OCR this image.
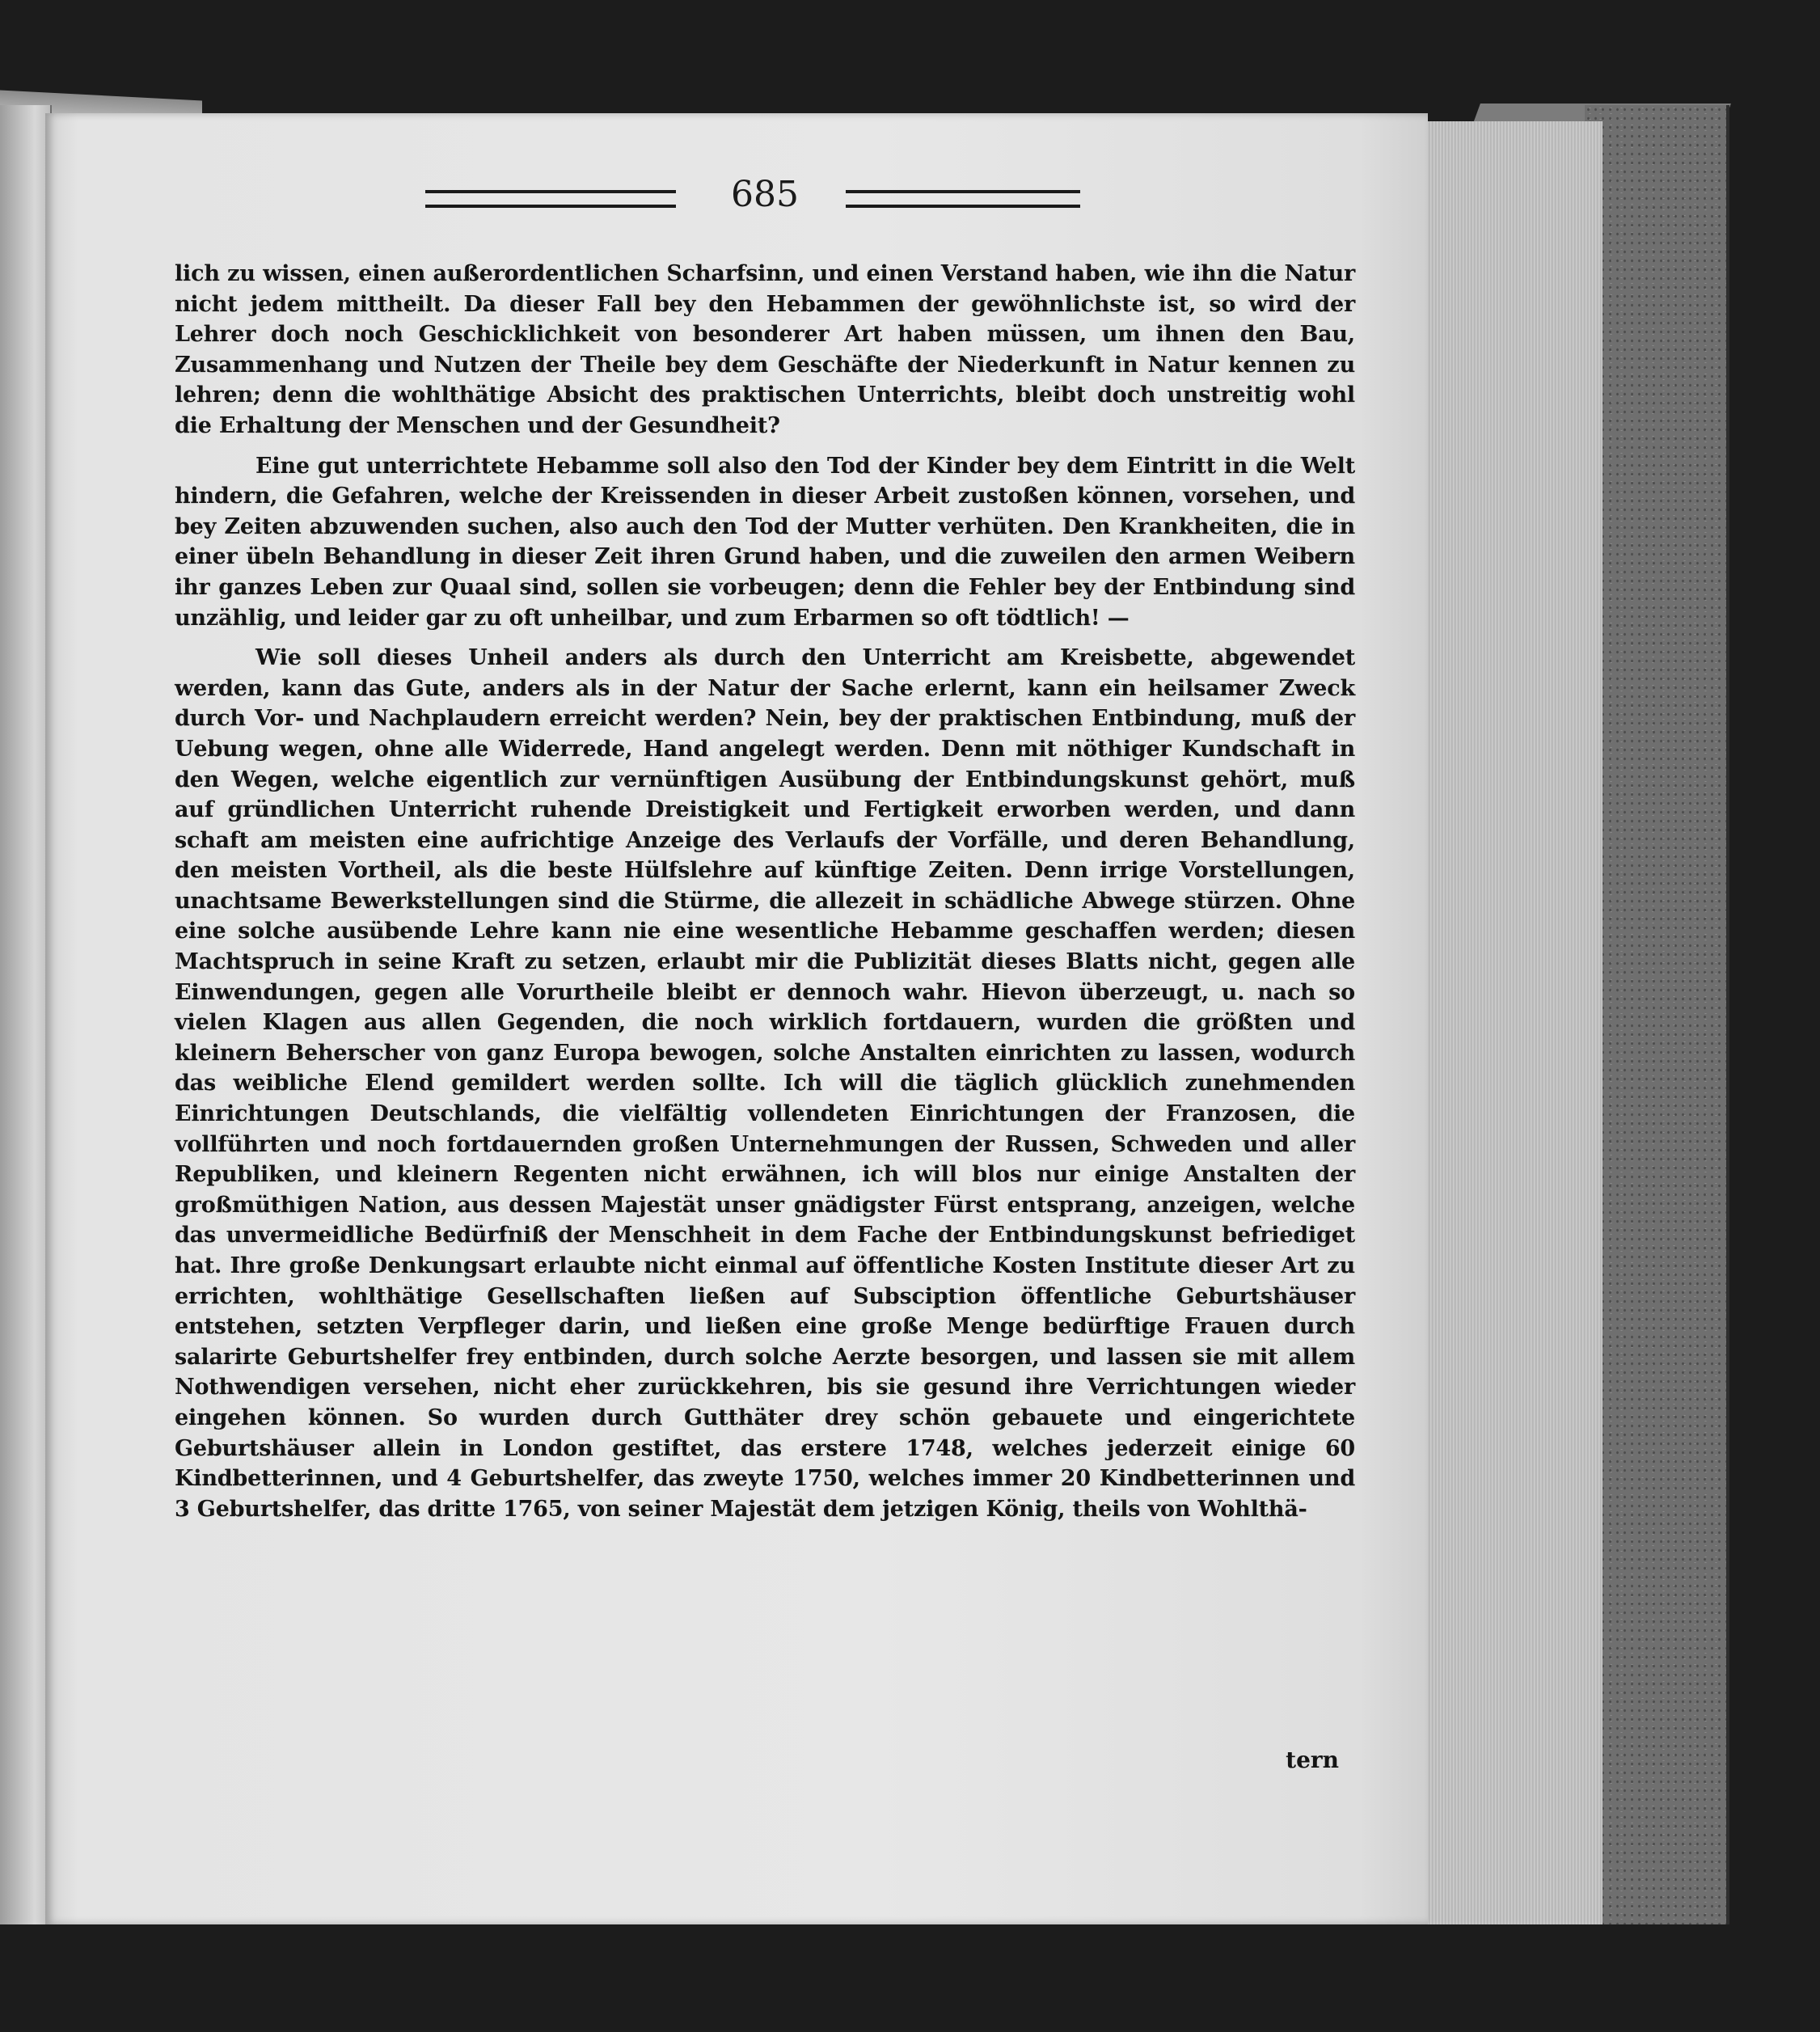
685

lich zu wissen, einen außerordentlichen Scharfsinn, und einen Verstand haben, wie ihn die Natur nicht jedem mittheilt. Da dieser Fall bey den Hebammen der gewöhnlichste ist, so wird der Lehrer doch noch Geschicklichkeit von besonderer Art haben müssen, um ihnen den Bau, Zusammenhang und Nutzen der Theile bey dem Geschäfte der Niederkunft in Natur kennen zu lehren; denn die wohlthätige Absicht des praktischen Unterrichts, bleibt doch unstreitig wohl die Erhaltung der Menschen und der Gesundheit?

Eine gut unterrichtete Hebamme soll also den Tod der Kinder bey dem Eintritt in die Welt hindern, die Gefahren, welche der Kreissenden in dieser Arbeit zustoßen können, vorsehen, und bey Zeiten abzuwenden suchen, also auch den Tod der Mutter verhüten. Den Krankheiten, die in einer übeln Behandlung in dieser Zeit ihren Grund haben, und die zuweilen den armen Weibern ihr ganzes Leben zur Quaal sind, sollen sie vorbeugen; denn die Fehler bey der Entbindung sind unzählig, und leider gar zu oft unheilbar, und zum Erbarmen so oft tödtlich! —

Wie soll dieses Unheil anders als durch den Unterricht am Kreisbette, abgewendet werden, kann das Gute, anders als in der Natur der Sache erlernt, kann ein heilsamer Zweck durch Vor- und Nachplaudern erreicht werden? Nein, bey der praktischen Entbindung, muß der Uebung wegen, ohne alle Widerrede, Hand angelegt werden. Denn mit nöthiger Kundschaft in den Wegen, welche eigentlich zur vernünftigen Ausübung der Entbindungskunst gehört, muß auf gründlichen Unterricht ruhende Dreistigkeit und Fertigkeit erworben werden, und dann schaft am meisten eine aufrichtige Anzeige des Verlaufs der Vorfälle, und deren Behandlung, den meisten Vortheil, als die beste Hülfslehre auf künftige Zeiten. Denn irrige Vorstellungen, unachtsame Bewerkstellungen sind die Stürme, die allezeit in schädliche Abwege stürzen. Ohne eine solche ausübende Lehre kann nie eine wesentliche Hebamme geschaffen werden; diesen Machtspruch in seine Kraft zu setzen, erlaubt mir die Publizität dieses Blatts nicht, gegen alle Einwendungen, gegen alle Vorurtheile bleibt er dennoch wahr. Hievon überzeugt, u. nach so vielen Klagen aus allen Gegenden, die noch wirklich fortdauern, wurden die größten und kleinern Beherscher von ganz Europa bewogen, solche Anstalten einrichten zu lassen, wodurch das weibliche Elend gemildert werden sollte. Ich will die täglich glücklich zunehmenden Einrichtungen Deutschlands, die vielfältig vollendeten Einrichtungen der Franzosen, die vollführten und noch fortdauernden großen Unternehmungen der Russen, Schweden und aller Republiken, und kleinern Regenten nicht erwähnen, ich will blos nur einige Anstalten der großmüthigen Nation, aus dessen Majestät unser gnädigster Fürst entsprang, anzeigen, welche das unvermeidliche Bedürfniß der Menschheit in dem Fache der Entbindungskunst befriediget hat. Ihre große Denkungsart erlaubte nicht einmal auf öffentliche Kosten Institute dieser Art zu errichten, wohlthätige Gesellschaften ließen auf Subsciption öffentliche Geburtshäuser entstehen, setzten Verpfleger darin, und ließen eine große Menge bedürftige Frauen durch salarirte Geburtshelfer frey entbinden, durch solche Aerzte besorgen, und lassen sie mit allem Nothwendigen versehen, nicht eher zurückkehren, bis sie gesund ihre Verrichtungen wieder eingehen können. So wurden durch Gutthäter drey schön gebauete und eingerichtete Geburtshäuser allein in London gestiftet, das erstere 1748, welches jederzeit einige 60 Kindbetterinnen, und 4 Geburtshelfer, das zweyte 1750, welches immer 20 Kindbetterinnen und 3 Geburtshelfer, das dritte 1765, von seiner Majestät dem jetzigen König, theils von Wohlthä-

tern
